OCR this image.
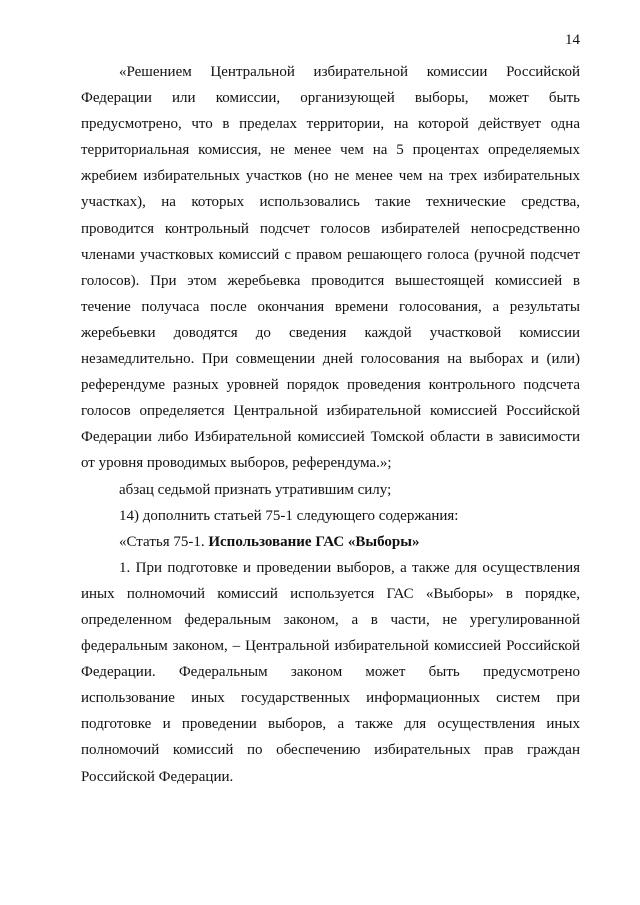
14

«Решением Центральной избирательной комиссии Российской Федерации или комиссии, организующей выборы, может быть предусмотрено, что в пределах территории, на которой действует одна территориальная комиссия, не менее чем на 5 процентах определяемых жребием избирательных участков (но не менее чем на трех избирательных участках), на которых использовались такие технические средства, проводится контрольный подсчет голосов избирателей непосредственно членами участковых комиссий с правом решающего голоса (ручной подсчет голосов). При этом жеребьевка проводится вышестоящей комиссией в течение получаса после окончания времени голосования, а результаты жеребьевки доводятся до сведения каждой участковой комиссии незамедлительно. При совмещении дней голосования на выборах и (или) референдуме разных уровней порядок проведения контрольного подсчета голосов определяется Центральной избирательной комиссией Российской Федерации либо Избирательной комиссией Томской области в зависимости от уровня проводимых выборов, референдума.»;

абзац седьмой признать утратившим силу;

14) дополнить статьей 75-1 следующего содержания:

«Статья 75-1. Использование ГАС «Выборы»

1. При подготовке и проведении выборов, а также для осуществления иных полномочий комиссий используется ГАС «Выборы» в порядке, определенном федеральным законом, а в части, не урегулированной федеральным законом, – Центральной избирательной комиссией Российской Федерации. Федеральным законом может быть предусмотрено использование иных государственных информационных систем при подготовке и проведении выборов, а также для осуществления иных полномочий комиссий по обеспечению избирательных прав граждан Российской Федерации.
